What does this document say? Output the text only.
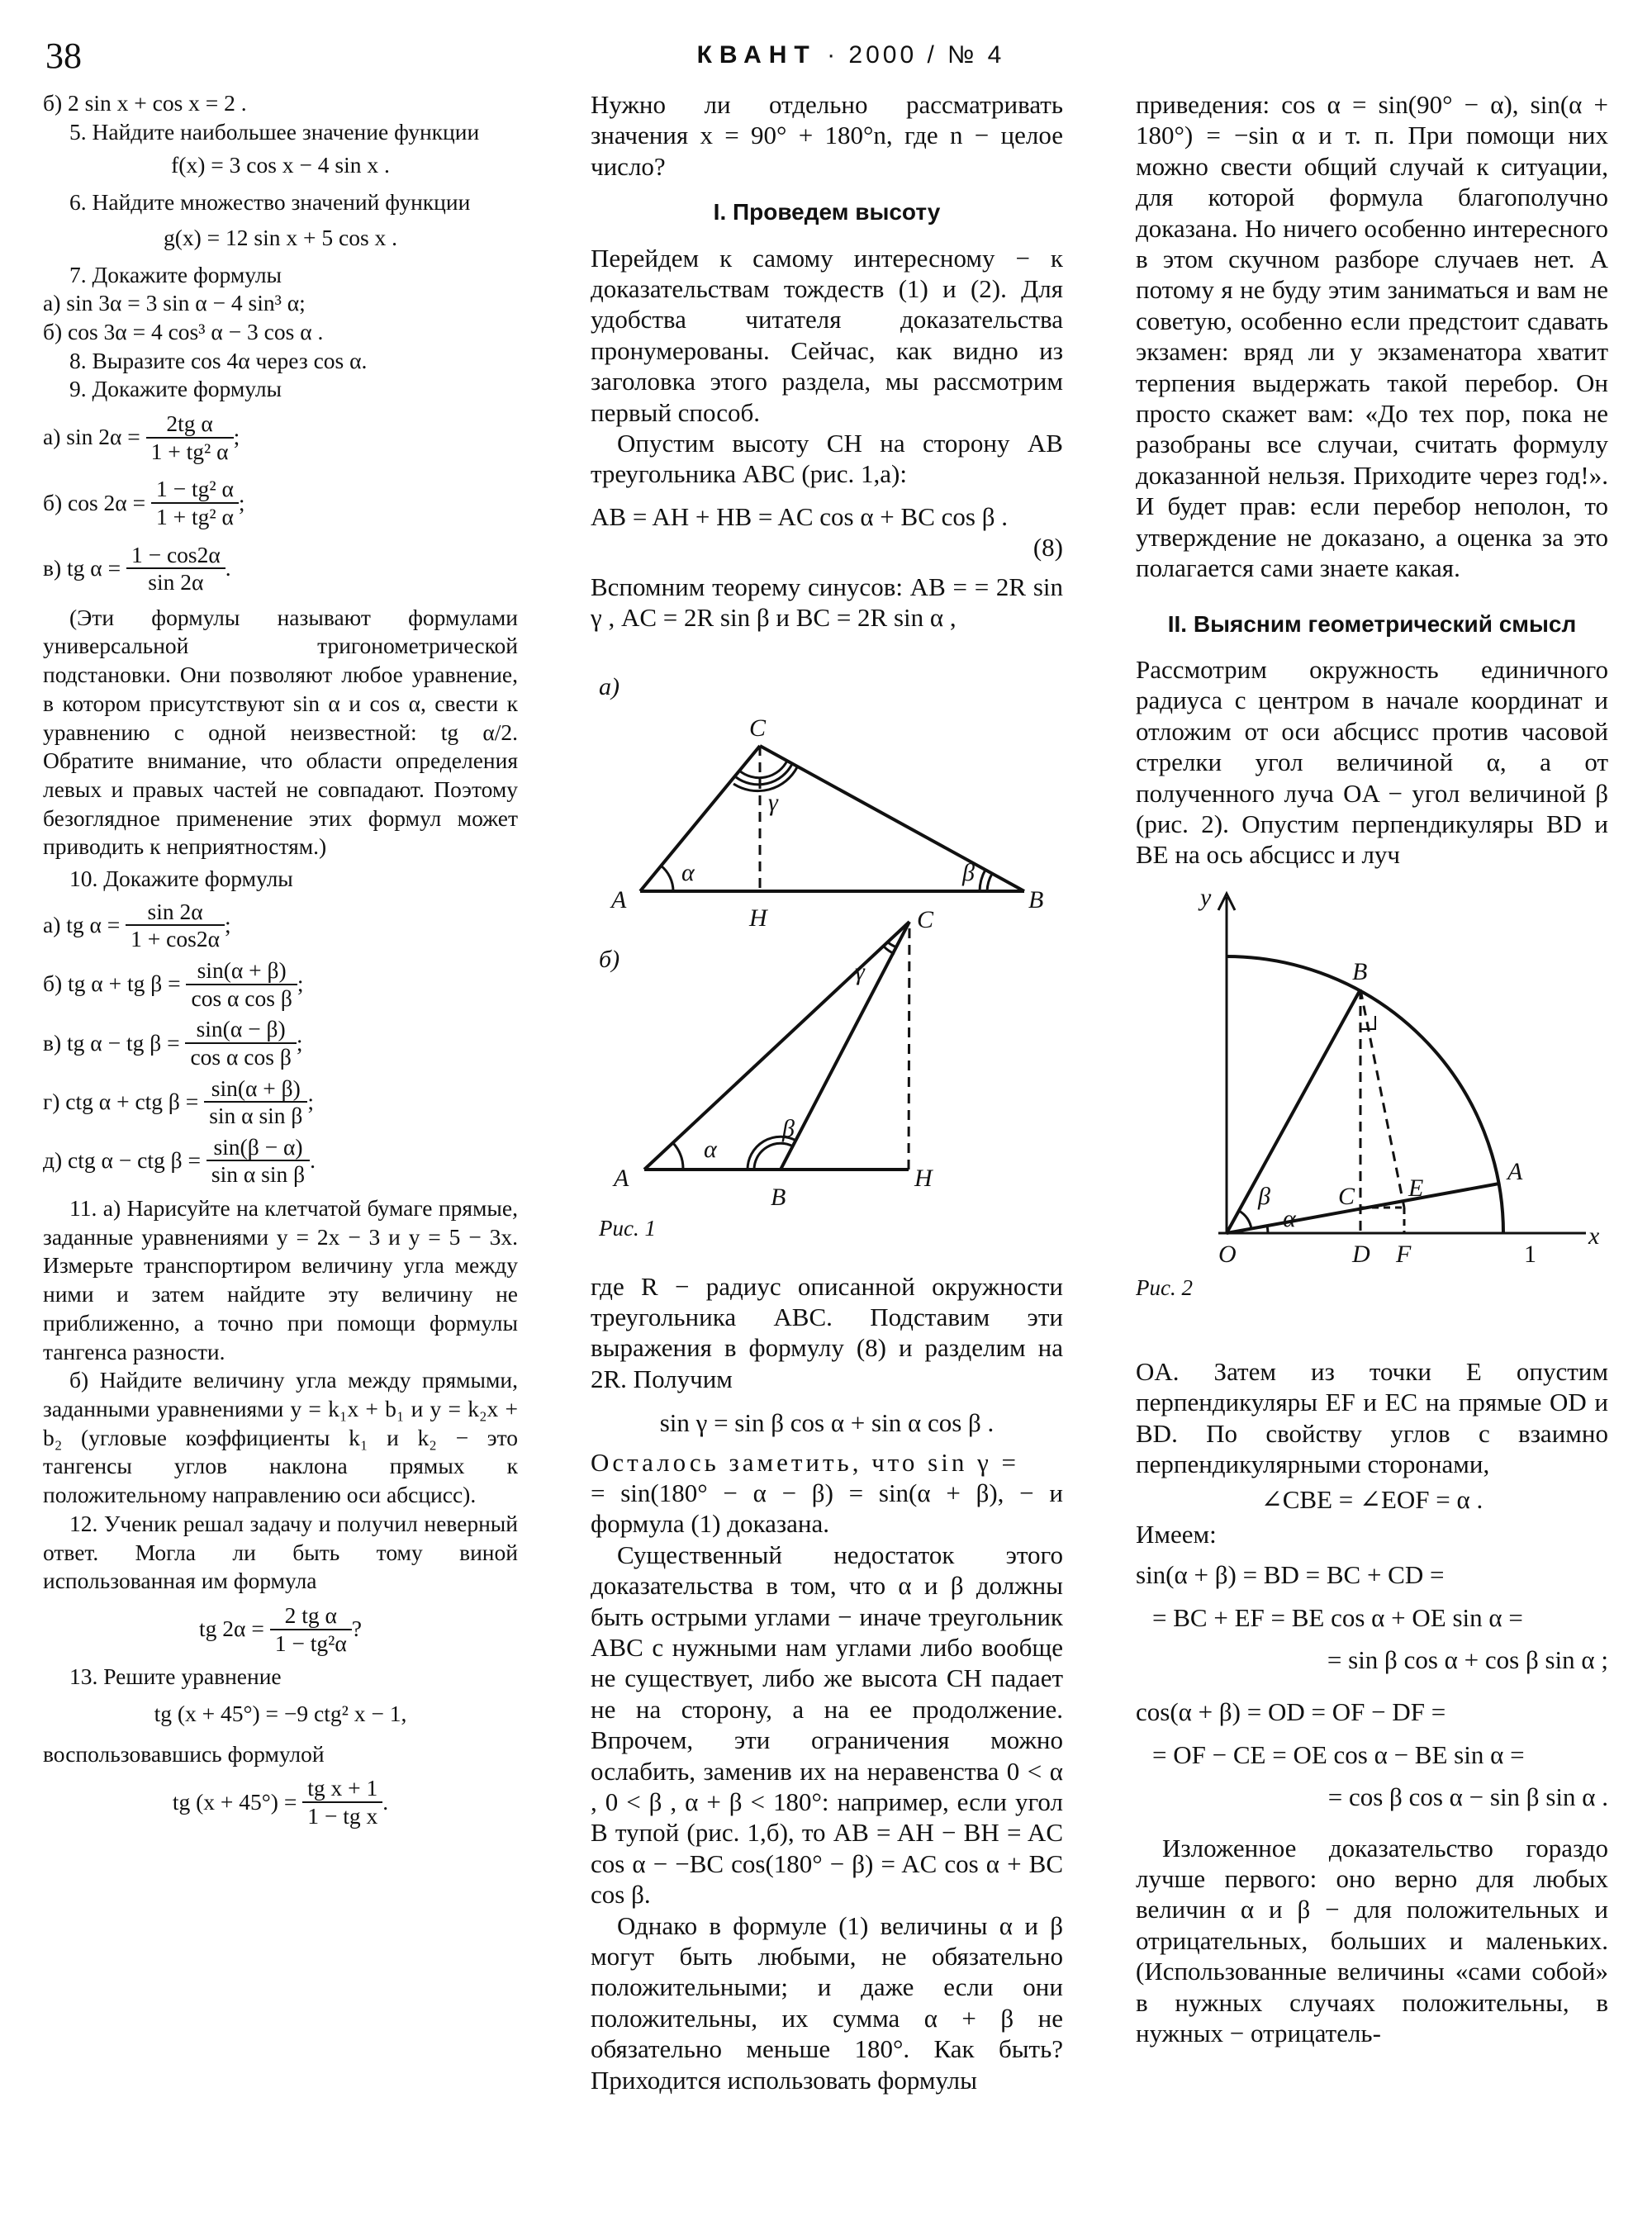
38	КВАНТ · 2000 / № 4

б) 2 sin x + cos x = 2 .

5. Найдите наибольшее значение функции

f(x) = 3 cos x − 4 sin x .

6. Найдите множество значений функции

g(x) = 12 sin x + 5 cos x .

7. Докажите формулы

а) sin 3α = 3 sin α − 4 sin³ α;

б) cos 3α = 4 cos³ α − 3 cos α .

8. Выразите cos 4α через cos α.

9. Докажите формулы

а) sin 2α =
$\frac{\text{2tg α}}{\text{1 + tg² α}}$ ;
б) cos 2α =
$\frac{\text{1 − tg² α}}{\text{1 + tg² α}}$ ;
в) tg α =
$\frac{1 - \cos 2\alpha}{\sin 2\alpha}$ .

(Эти формулы называют формулами универсальной тригонометрической подстановки. Они позволяют любое уравнение, в котором присутствуют sin α и cos α, свести к уравнению с одной неизвестной: tg α/2. Обратите внимание, что области определения левых и правых частей не совпадают. Поэтому безоглядное применение этих формул может приводить к неприятностям.)

10. Докажите формулы

а) tg α =
$\frac{\sin 2\alpha}{1 + \cos 2\alpha}$ ;
б) tg α + tg β =
$\frac{\sin(\alpha + \beta)}{\text{cos α cos β}}$ ;
в) tg α − tg β =
$\frac{\sin(\alpha - \beta)}{\text{cos α cos β}}$ ;
г) ctg α + ctg β =
$\frac{\sin(\alpha + \beta)}{\text{sin α sin β}}$ ;
д) ctg α − ctg β =
$\frac{\sin(\beta - \alpha)}{\text{sin α sin β}}$ .

11. а) Нарисуйте на клетчатой бумаге прямые, заданные уравнениями y = 2x − 3 и y = 5 − 3x. Измерьте транспортиром величину угла между ними и затем найдите эту величину не приближенно, а точно при помощи формулы тангенса разности.

б) Найдите величину угла между прямыми, заданными уравнениями y = k₁x + b₁ и y = k₂x + b₂ (угловые коэффициенты k₁ и k₂ − это тангенсы углов наклона прямых к положительному направлению оси абсцисс).

12. Ученик решал задачу и получил неверный ответ. Могла ли быть тому виной использованная им формула

tg 2α =
$\frac{\text{2 tg α}}{\text{1 − tg²α}}$ ?

13. Решите уравнение

tg (x + 45°) = −9 ctg² x − 1,

воспользовавшись формулой

tg (x + 45°) =
$\frac{\text{tg x + 1}}{\text{1 − tg x}}$ .

Нужно ли отдельно рассматривать значения x = 90° + 180°n, где n − целое число?

I. Проведем высоту

Перейдем к самому интересному − к доказательствам тождеств (1) и (2). Для удобства читателя доказательства пронумерованы. Сейчас, как видно из заголовка этого раздела, мы рассмотрим первый способ.

Опустим высоту CH на сторону AB треугольника ABC (рис. 1,а):

AB = AH + HB = AC cos α + BC cos β .

(8)

Вспомним теорему синусов: AB = = 2R sin γ , AC = 2R sin β и BC = 2R sin α ,

а)
C
A	B
H
α	β
γ
б)
C
A
B
H
α
β
γ
Рис. 1

где R − радиус описанной окружности треугольника ABC. Подставим эти выражения в формулу (8) и разделим на 2R. Получим

sin γ = sin β cos α + sin α cos β .

Осталось заметить, что sin γ =

= sin(180° − α − β) = sin(α + β), − и формула (1) доказана.

Существенный недостаток этого доказательства в том, что α и β должны быть острыми углами − иначе треугольник ABC с нужными нам углами либо вообще не существует, либо же высота CH падает не на сторону, а на ее продолжение. Впрочем, эти ограничения можно ослабить, заменив их на неравенства 0 < α , 0 < β , α + β < 180°: например, если угол B тупой (рис. 1,б), то AB = AH − BH = AC cos α − −BC cos(180° − β) = AC cos α + BC cos β.

Однако в формуле (1) величины α и β могут быть любыми, не обязательно положительными; и даже если они положительны, их сумма α + β не обязательно меньше 180°. Как быть? Приходится использовать формулы

приведения: cos α = sin(90° − α), sin(α + 180°) = −sin α и т. п. При помощи них можно свести общий случай к ситуации, для которой формула благополучно доказана. Но ничего особенно интересного в этом скучном разборе случаев нет. А потому я не буду этим заниматься и вам не советую, особенно если предстоит сдавать экзамен: вряд ли у экзаменатора хватит терпения выдержать такой перебор. Он просто скажет вам: «До тех пор, пока не разобраны все случаи, считать формулу доказанной нельзя. Приходите через год!». И будет прав: если перебор неполон, то утверждение не доказано, а оценка за это полагается сами знаете какая.

II. Выясним геометрический смысл

Рассмотрим окружность единичного радиуса с центром в начале координат и отложим от оси абсцисс против часовой стрелки угол величиной α, а от полученного луча OA − угол величиной β (рис. 2). Опустим перпендикуляры BD и BE на ось абсцисс и луч

y
x
O
A
B
C
D
E
F
α
β
1
Рис. 2

OA. Затем из точки E опустим перпендикуляры EF и EC на прямые OD и BD. По свойству углов с взаимно перпендикулярными сторонами,

∠CBE = ∠EOF = α .

Имеем:

sin(α + β) = BD = BC + CD =

= BC + EF = BE cos α + OE sin α =

= sin β cos α + cos β sin α ;

cos(α + β) = OD = OF − DF =

= OF − CE = OE cos α − BE sin α =

= cos β cos α − sin β sin α .

Изложенное доказательство гораздо лучше первого: оно верно для любых величин α и β − для положительных и отрицательных, больших и маленьких. (Использованные величины «сами собой» в нужных случаях положительны, в нужных − отрицатель-
